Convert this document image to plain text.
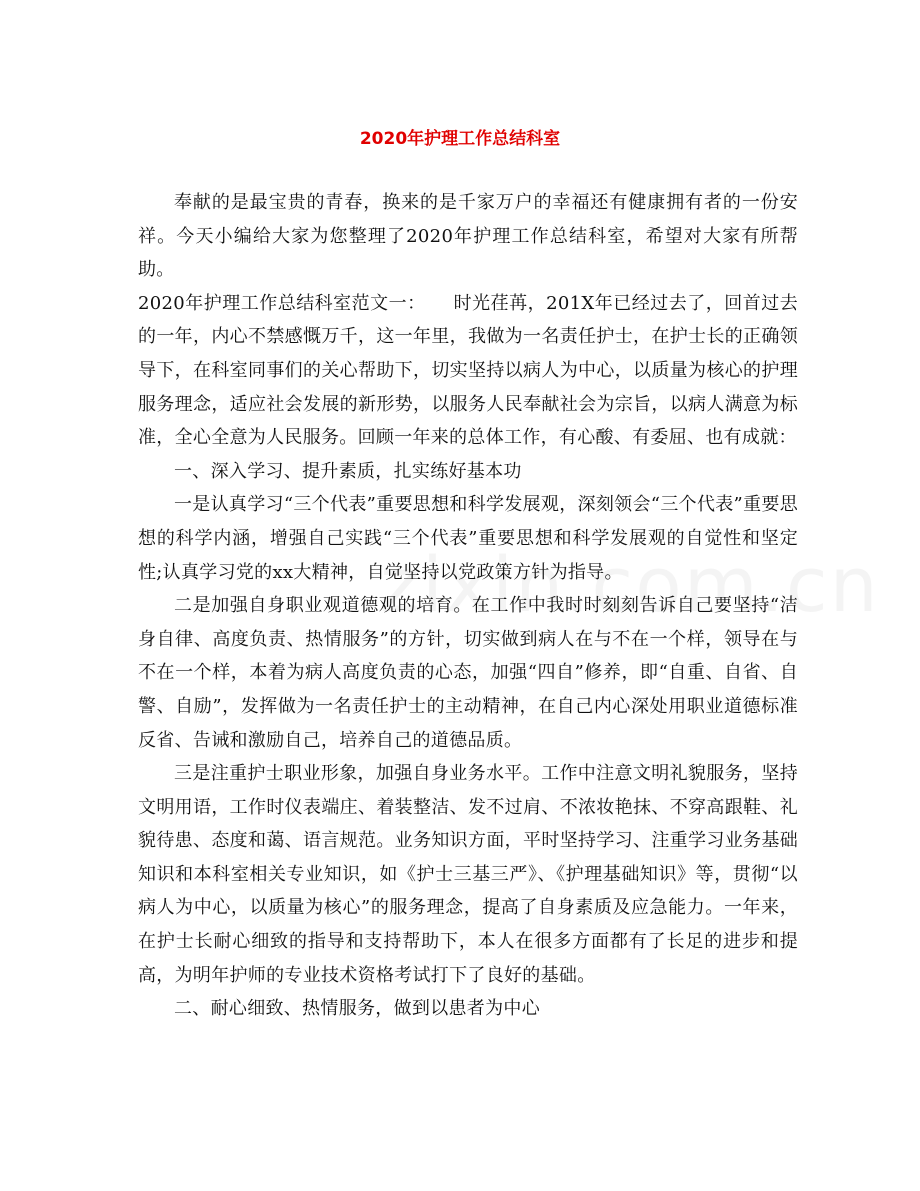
2020年护理工作总结科室

奉献的是最宝贵的青春，换来的是千家万户的幸福还有健康拥有者的一份安祥。今天小编给大家为您整理了2020年护理工作总结科室，希望对大家有所帮助。

2020年护理工作总结科室范文一：　　时光荏苒，201X年已经过去了，回首过去的一年，内心不禁感慨万千，这一年里，我做为一名责任护士，在护士长的正确领导下，在科室同事们的关心帮助下，切实坚持以病人为中心，以质量为核心的护理服务理念，适应社会发展的新形势，以服务人民奉献社会为宗旨，以病人满意为标准，全心全意为人民服务。回顾一年来的总体工作，有心酸、有委屈、也有成就：

一、深入学习、提升素质，扎实练好基本功

一是认真学习“三个代表”重要思想和科学发展观，深刻领会“三个代表”重要思想的科学内涵，增强自己实践“三个代表”重要思想和科学发展观的自觉性和坚定性;认真学习党的xx大精神，自觉坚持以党政策方针为指导。

二是加强自身职业观道德观的培育。在工作中我时时刻刻告诉自己要坚持“洁身自律、高度负责、热情服务”的方针，切实做到病人在与不在一个样，领导在与不在一个样，本着为病人高度负责的心态，加强“四自”修养，即“自重、自省、自警、自励”，发挥做为一名责任护士的主动精神，在自己内心深处用职业道德标准反省、告诫和激励自己，培养自己的道德品质。

三是注重护士职业形象，加强自身业务水平。工作中注意文明礼貌服务，坚持文明用语，工作时仪表端庄、着装整洁、发不过肩、不浓妆艳抹、不穿高跟鞋、礼貌待患、态度和蔼、语言规范。业务知识方面，平时坚持学习、注重学习业务基础知识和本科室相关专业知识，如《护士三基三严》、《护理基础知识》等，贯彻“以病人为中心，以质量为核心”的服务理念，提高了自身素质及应急能力。一年来，在护士长耐心细致的指导和支持帮助下，本人在很多方面都有了长足的进步和提高，为明年护师的专业技术资格考试打下了良好的基础。

二、耐心细致、热情服务，做到以患者为中心
